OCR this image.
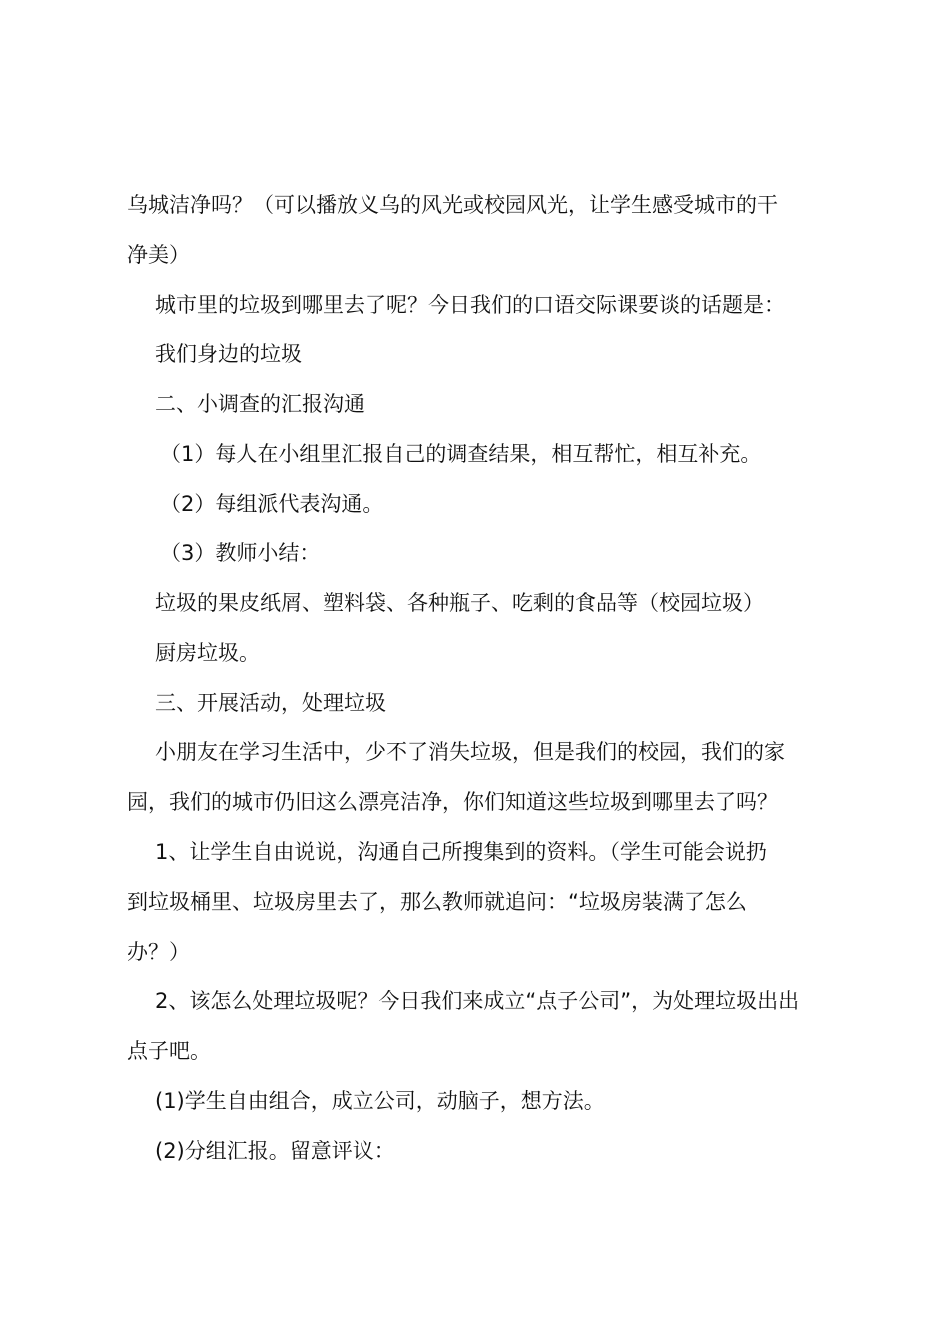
乌城洁净吗？（可以播放义乌的风光或校园风光，让学生感受城市的干

净美）

城市里的垃圾到哪里去了呢？今日我们的口语交际课要谈的话题是：

我们身边的垃圾

二、小调查的汇报沟通

（1）每人在小组里汇报自己的调查结果，相互帮忙，相互补充。

（2）每组派代表沟通。

（3）教师小结：

垃圾的果皮纸屑、塑料袋、各种瓶子、吃剩的食品等（校园垃圾）

厨房垃圾。

三、开展活动，处理垃圾

小朋友在学习生活中，少不了消失垃圾，但是我们的校园，我们的家

园，我们的城市仍旧这么漂亮洁净，你们知道这些垃圾到哪里去了吗？

1、让学生自由说说，沟通自己所搜集到的资料。（学生可能会说扔

到垃圾桶里、垃圾房里去了，那么教师就追问：“垃圾房装满了怎么

办？）

2、该怎么处理垃圾呢？今日我们来成立“点子公司”，为处理垃圾出出

点子吧。

(1)学生自由组合，成立公司，动脑子，想方法。

(2)分组汇报。留意评议：
